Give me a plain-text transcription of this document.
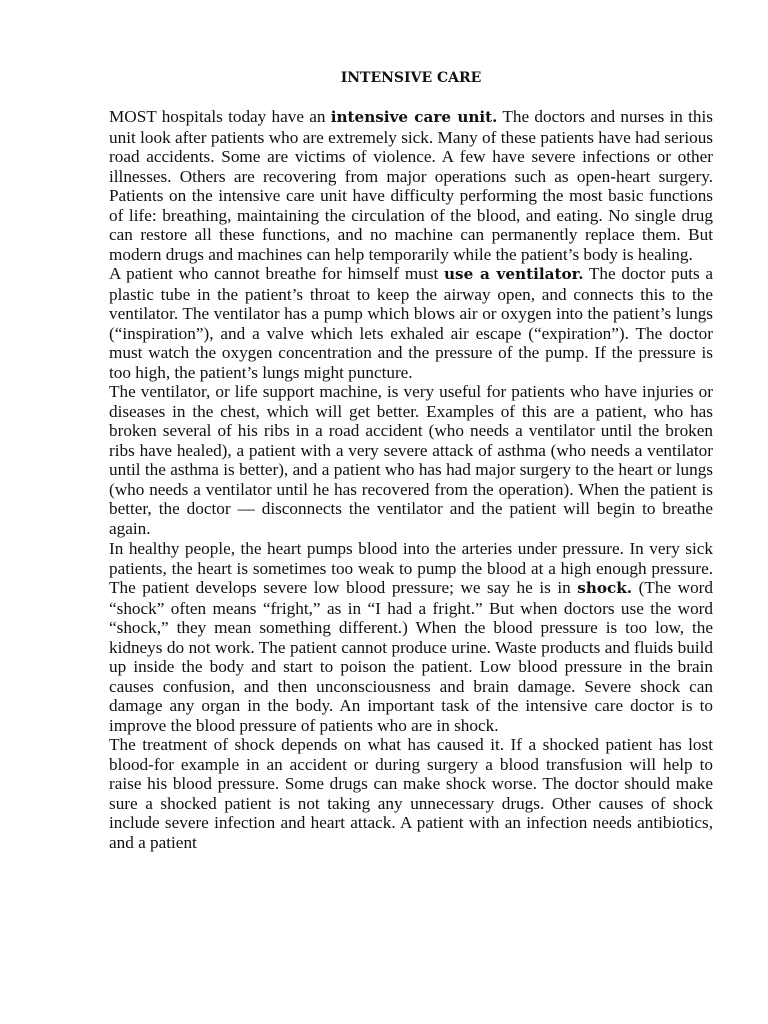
INTENSIVE CARE

MOST hospitals today have an intensive care unit. The doctors and nurses in this unit look after patients who are extremely sick. Many of these patients have had serious road accidents. Some are victims of violence. A few have severe infections or other illnesses. Others are recovering from major operations such as open-heart surgery. Patients on the intensive care unit have difficulty performing the most basic functions of life: breathing, maintaining the circulation of the blood, and eating. No single drug can restore all these functions, and no machine can permanently replace them. But modern drugs and machines can help temporarily while the patient’s body is healing.

A patient who cannot breathe for himself must use a ventilator. The doctor puts a plastic tube in the patient’s throat to keep the airway open, and connects this to the ventilator. The ventilator has a pump which blows air or oxygen into the patient’s lungs (“inspiration”), and a valve which lets exhaled air escape (“expiration”). The doctor must watch the oxygen concentration and the pressure of the pump. If the pressure is too high, the patient’s lungs might puncture.

The ventilator, or life support machine, is very useful for patients who have injuries or diseases in the chest, which will get better. Examples of this are a patient, who has broken several of his ribs in a road accident (who needs a ventilator until the broken ribs have healed), a patient with a very severe attack of asthma (who needs a ventilator until the asthma is better), and a patient who has had major surgery to the heart or lungs (who needs a ventilator until he has recovered from the operation). When the patient is better, the doctor — disconnects the ventilator and the patient will begin to breathe again.

In healthy people, the heart pumps blood into the arteries under pressure. In very sick patients, the heart is sometimes too weak to pump the blood at a high enough pressure. The patient develops severe low blood pressure; we say he is in shock. (The word “shock” often means “fright,” as in “I had a fright.” But when doctors use the word “shock,” they mean something different.) When the blood pressure is too low, the kidneys do not work. The patient cannot produce urine. Waste products and fluids build up inside the body and start to poison the patient. Low blood pressure in the brain causes confusion, and then unconsciousness and brain damage. Severe shock can damage any organ in the body. An important task of the intensive care doctor is to improve the blood pressure of patients who are in shock.

The treatment of shock depends on what has caused it. If a shocked patient has lost blood-for example in an accident or during surgery a blood transfusion will help to raise his blood pressure. Some drugs can make shock worse. The doctor should make sure a shocked patient is not taking any unnecessary drugs. Other causes of shock include severe infection and heart attack. A patient with an infection needs antibiotics, and a patient
